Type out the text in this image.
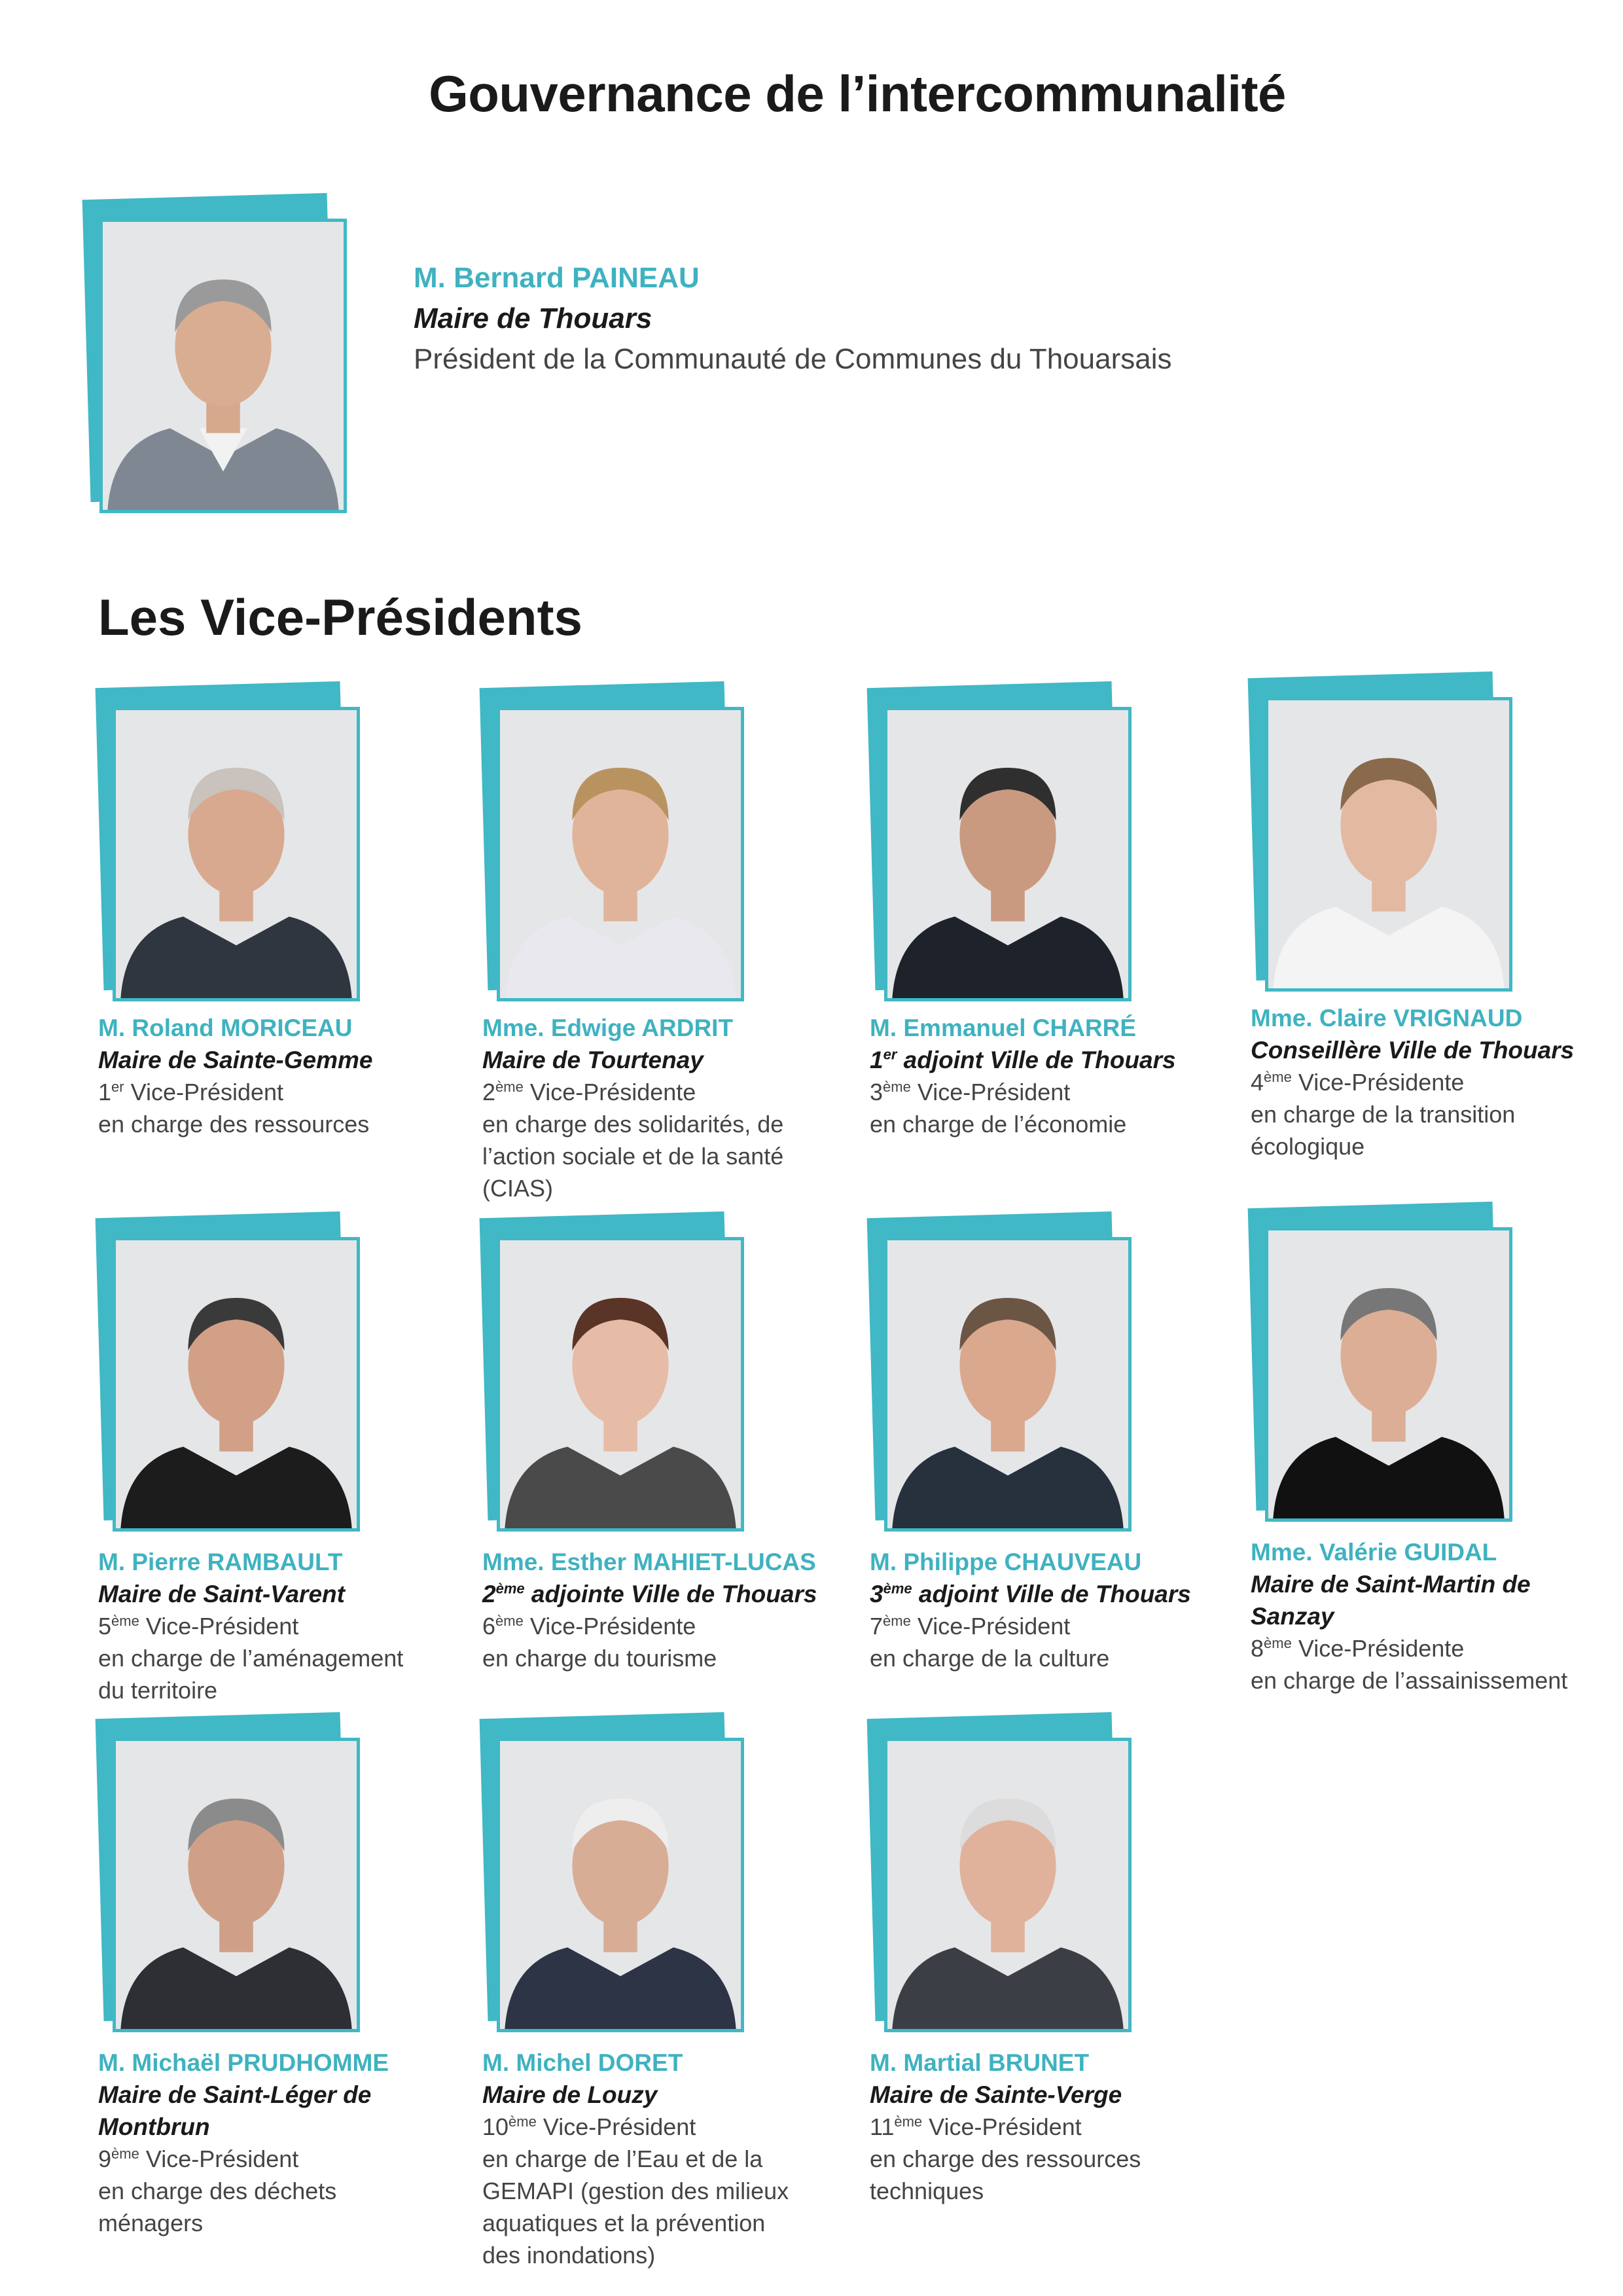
Gouvernance de l’intercommunalité
M. Bernard PAINEAU
Maire de Thouars
Président de la Communauté de Communes du Thouarsais
Les Vice-Présidents
M. Roland MORICEAU
Maire de Sainte-Gemme
1er Vice-Président
en charge des ressources
Mme. Edwige ARDRIT
Maire de Tourtenay
2ème Vice-Présidente
en charge des solidarités, de
l’action sociale et de la santé
(CIAS)
M. Emmanuel CHARRÉ
1er adjoint Ville de Thouars
3ème Vice-Président
en charge de l’économie
Mme. Claire VRIGNAUD
Conseillère Ville de Thouars
4ème Vice-Présidente
en charge de la transition
écologique
M. Pierre RAMBAULT
Maire de Saint-Varent
5ème Vice-Président
en charge de l’aménagement
du territoire
Mme. Esther MAHIET-LUCAS
2ème adjointe Ville de Thouars
6ème Vice-Présidente
en charge du tourisme
M. Philippe CHAUVEAU
3ème adjoint Ville de Thouars
7ème Vice-Président
en charge de la culture
Mme. Valérie GUIDAL
Maire de Saint-Martin de
Sanzay
8ème Vice-Présidente
en charge de l’assainissement
M. Michaël PRUDHOMME
Maire de Saint-Léger de
Montbrun
9ème Vice-Président
en charge des déchets
ménagers
M. Michel DORET
Maire de Louzy
10ème Vice-Président
en charge de l’Eau et de la
GEMAPI (gestion des milieux
aquatiques et la prévention
des inondations)
M. Martial BRUNET
Maire de Sainte-Verge
11ème Vice-Président
en charge des ressources
techniques
